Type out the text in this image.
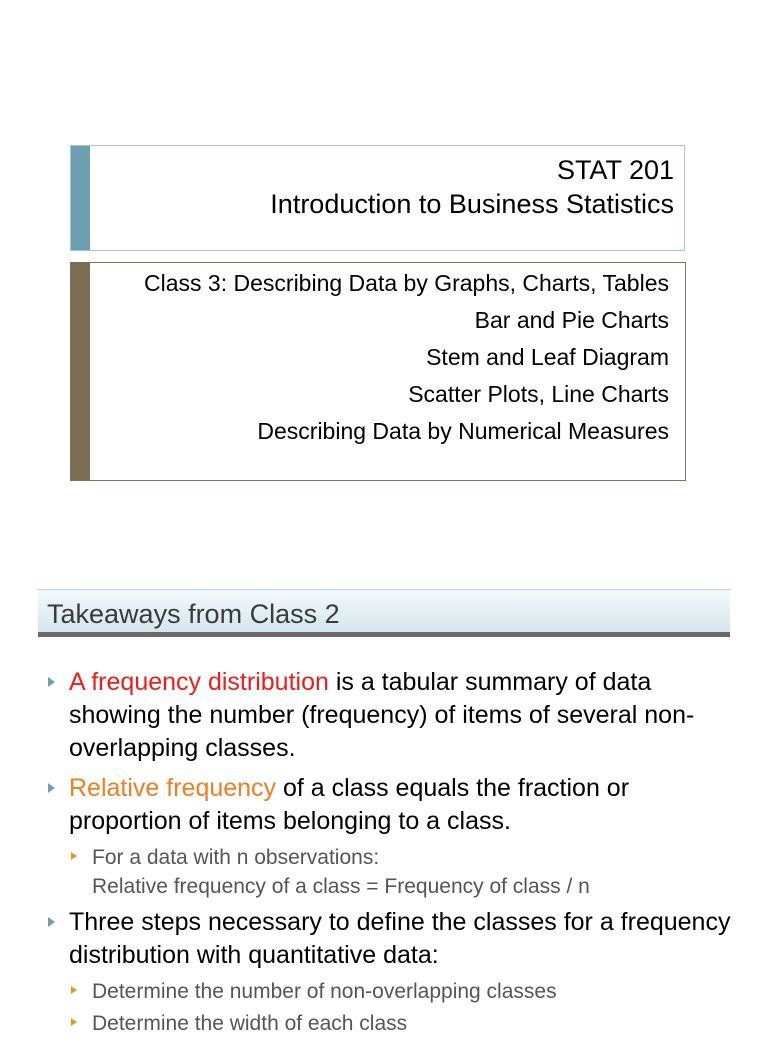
STAT 201
Introduction to Business Statistics
Class 3: Describing Data by Graphs, Charts, Tables
Bar and Pie Charts
Stem and Leaf Diagram
Scatter Plots, Line Charts
Describing Data by Numerical Measures
Takeaways from Class 2
A frequency distribution is a tabular summary of data showing the number (frequency) of items of several non-overlapping classes.
Relative frequency of a class equals the fraction or proportion of items belonging to a class.
For a data with n observations:
Relative frequency of a class = Frequency of class / n
Three steps necessary to define the classes for a frequency distribution with quantitative data:
Determine the number of non-overlapping classes
Determine the width of each class
